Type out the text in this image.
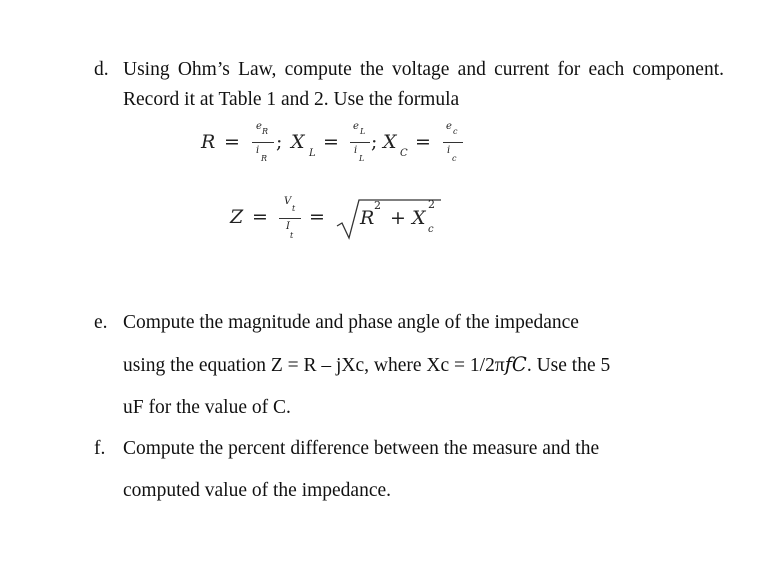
d. Using Ohm’s Law, compute the voltage and current for each component. Record it at Table 1 and 2. Use the formula
R =
e R
i
R
; X
L
=
e L
i
L
; X
C
=
e c
i
c
Z =
V
t
I
t
= R
2
+ X
2
c
e. Compute the magnitude and phase angle of the impedance
using the equation Z = R – jXc, where Xc = 1/2πfC. Use the 5
uF for the value of C.
f. Compute the percent difference between the measure and the
computed value of the impedance.
